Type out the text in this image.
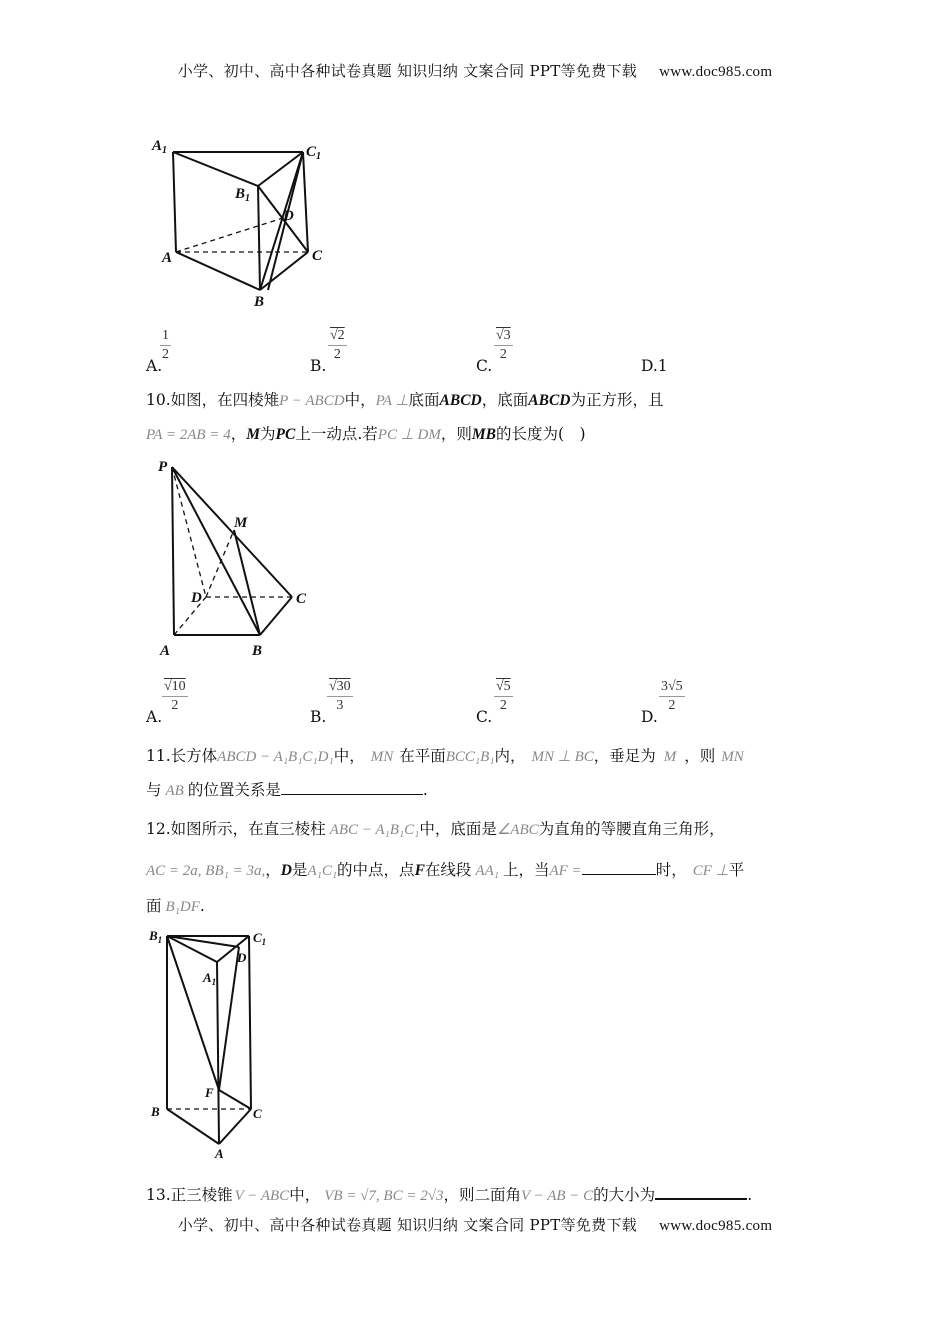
小学、初中、高中各种试卷真题 知识归纳 文案合同 PPT等免费下载 www.doc985.com
$A_1$	$C_1$
$B_1$
D
A	C
B
A.
$\frac{1}{2}$
B.
$\frac{√2}{2}$
C.
$\frac{√3}{2}$
D.1
10.如图，在四棱雉P − ABCD中，PA ⊥底面ABCD，底面ABCD为正方形，且
PA = 2AB = 4，M为PC上一动点.若PC ⊥ DM，则MB的长度为(　)
P
M
D	C
A	B
A.
$\frac{√10}{2}$
B.
$\frac{√30}{3}$
C.
$\frac{√5}{2}$
D.
$\frac{3√5}{2}$
11.长方体ABCD − A₁B₁C₁D₁中， MN 在平面BCC₁B₁内， MN ⊥ BC，垂足为 M ，则 MN
与 AB 的位置关系是	.
12.如图所示，在直三棱柱 ABC − A₁B₁C₁中，底面是∠ABC为直角的等腰直角三角形，
AC = 2a, BB₁ = 3a,，D是A₁C₁的中点，点F在线段 AA₁ 上，当AF =	时， CF ⊥平
面 B₁DF.
$B_1$	$C_1$
D
$A_1$
F
B	C
A
13.正三棱锥 V − ABC中， VB = √7, BC = 2√3，则二面角V − AB − C的大小为	.
小学、初中、高中各种试卷真题 知识归纳 文案合同 PPT等免费下载 www.doc985.com
